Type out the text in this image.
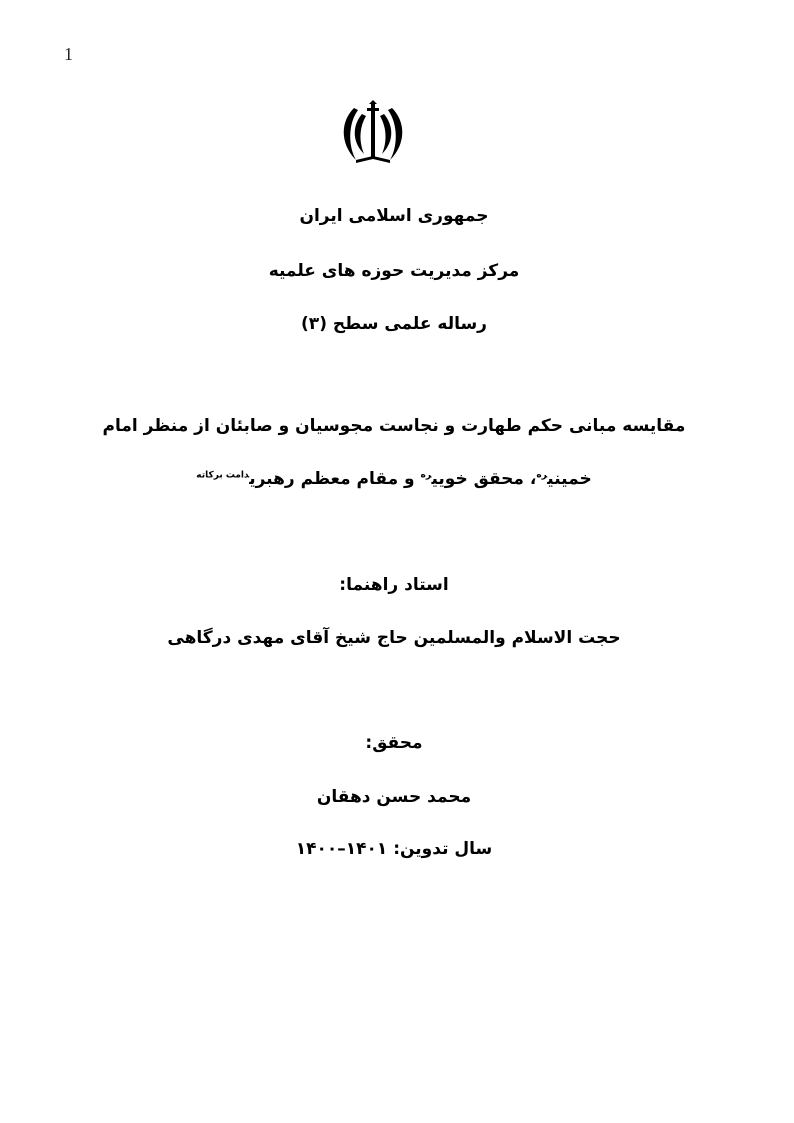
1
جمهوری اسلامی ایران
مرکز مدیریت حوزه های علمیه
رساله علمی سطح (۳)
مقایسه مبانی حکم طهارت و نجاست مجوسیان و صابئان از منظر امام
خمینی$^{ره}$، محقق خویی$^{ره}$ و مقام معظم رهبری$^{دامت برکاته}$
استاد راهنما:
حجت الاسلام والمسلمین حاج شیخ آقای مهدی درگاهی
محقق:
محمد حسن دهقان
سال تدوین: ۱۴۰۱–۱۴۰۰
